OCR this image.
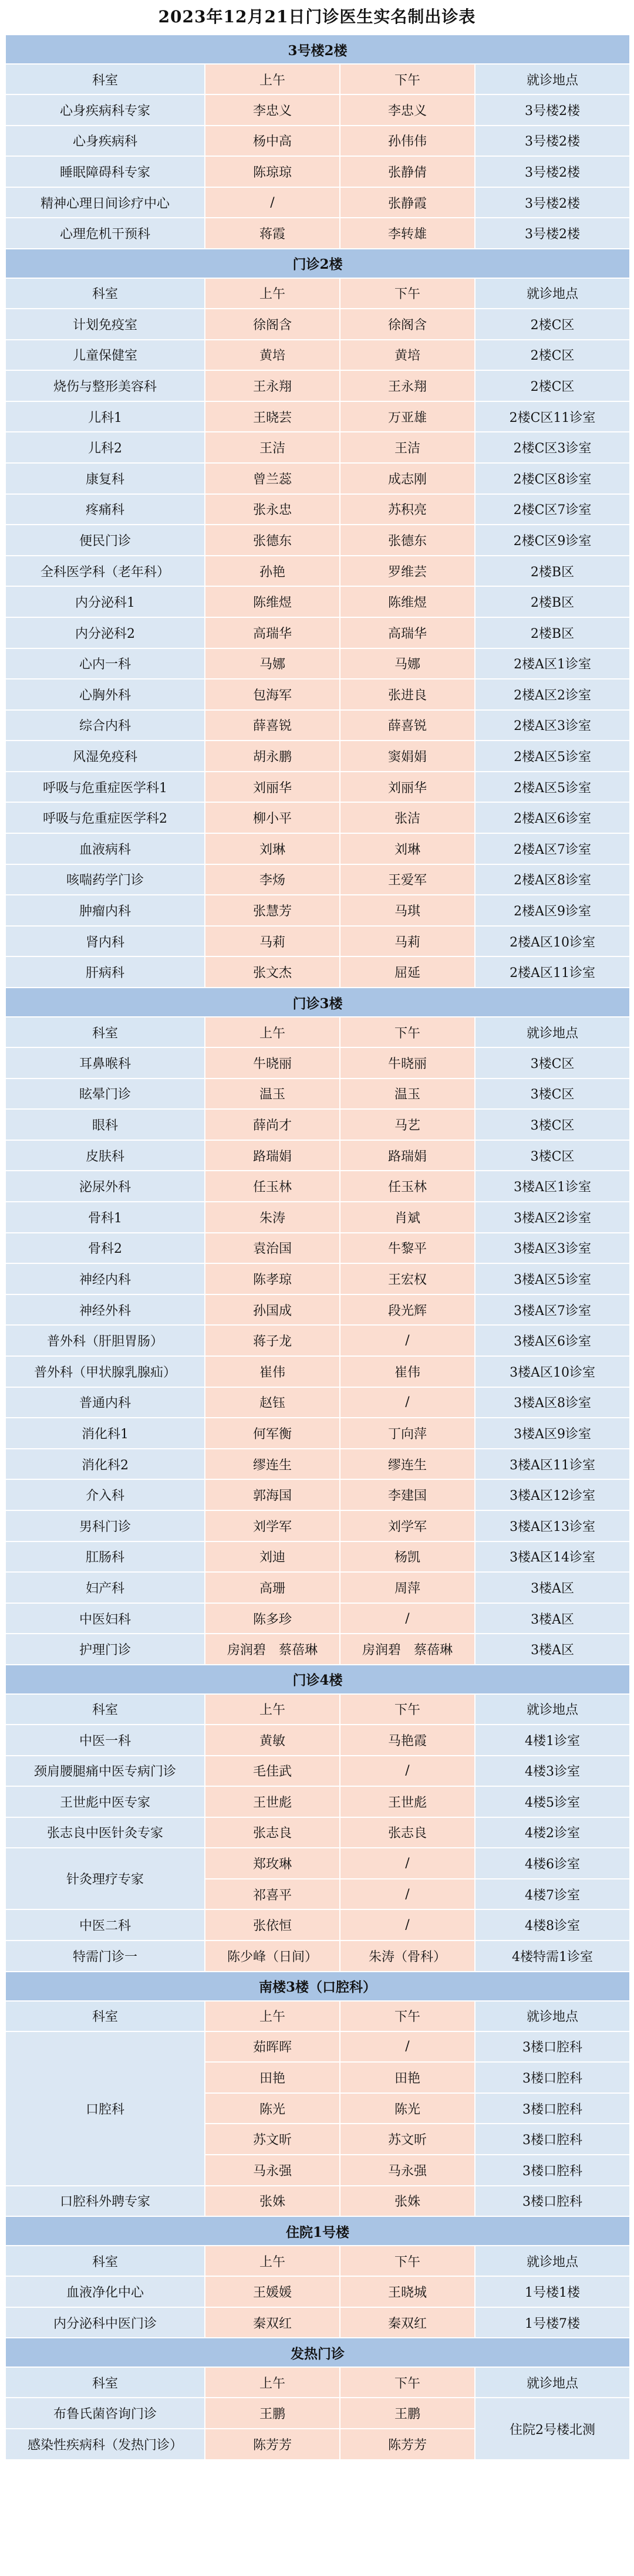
2023年12月21日门诊医生实名制出诊表
3号楼2楼			
科室	上午	下午	就诊地点
心身疾病科专家	李忠义	李忠义	3号楼2楼
心身疾病科	杨中高	孙伟伟	3号楼2楼
睡眠障碍科专家	陈琼琼	张静倩	3号楼2楼
精神心理日间诊疗中心	/	张静霞	3号楼2楼
心理危机干预科	蒋霞	李转雄	3号楼2楼
门诊2楼			
科室	上午	下午	就诊地点
计划免疫室	徐阁含	徐阁含	2楼C区
儿童保健室	黄培	黄培	2楼C区
烧伤与整形美容科	王永翔	王永翔	2楼C区
儿科1	王晓芸	万亚雄	2楼C区11诊室
儿科2	王洁	王洁	2楼C区3诊室
康复科	曾兰蕊	成志刚	2楼C区8诊室
疼痛科	张永忠	苏积亮	2楼C区7诊室
便民门诊	张德东	张德东	2楼C区9诊室
全科医学科（老年科）	孙艳	罗维芸	2楼B区
内分泌科1	陈维煜	陈维煜	2楼B区
内分泌科2	高瑞华	高瑞华	2楼B区
心内一科	马娜	马娜	2楼A区1诊室
心胸外科	包海军	张进良	2楼A区2诊室
综合内科	薛喜锐	薛喜锐	2楼A区3诊室
风湿免疫科	胡永鹏	窦娟娟	2楼A区5诊室
呼吸与危重症医学科1	刘丽华	刘丽华	2楼A区5诊室
呼吸与危重症医学科2	柳小平	张洁	2楼A区6诊室
血液病科	刘琳	刘琳	2楼A区7诊室
咳喘药学门诊	李炀	王爱军	2楼A区8诊室
肿瘤内科	张慧芳	马琪	2楼A区9诊室
肾内科	马莉	马莉	2楼A区10诊室
肝病科	张文杰	屈延	2楼A区11诊室
门诊3楼			
科室	上午	下午	就诊地点
耳鼻喉科	牛晓丽	牛晓丽	3楼C区
眩晕门诊	温玉	温玉	3楼C区
眼科	薛尚才	马艺	3楼C区
皮肤科	路瑞娟	路瑞娟	3楼C区
泌尿外科	任玉林	任玉林	3楼A区1诊室
骨科1	朱涛	肖斌	3楼A区2诊室
骨科2	袁治国	牛黎平	3楼A区3诊室
神经内科	陈孝琼	王宏权	3楼A区5诊室
神经外科	孙国成	段光辉	3楼A区7诊室
普外科（肝胆胃肠）	蒋子龙	/	3楼A区6诊室
普外科（甲状腺乳腺疝）	崔伟	崔伟	3楼A区10诊室
普通内科	赵钰	/	3楼A区8诊室
消化科1	何军衡	丁向萍	3楼A区9诊室
消化科2	缪连生	缪连生	3楼A区11诊室
介入科	郭海国	李建国	3楼A区12诊室
男科门诊	刘学军	刘学军	3楼A区13诊室
肛肠科	刘迪	杨凯	3楼A区14诊室
妇产科	高珊	周萍	3楼A区
中医妇科	陈多珍	/	3楼A区
护理门诊	房润碧　蔡蓓琳	房润碧　蔡蓓琳	3楼A区
门诊4楼			
科室	上午	下午	就诊地点
中医一科	黄敏	马艳霞	4楼1诊室
颈肩腰腿痛中医专病门诊	毛佳武	/	4楼3诊室
王世彪中医专家	王世彪	王世彪	4楼5诊室
张志良中医针灸专家	张志良	张志良	4楼2诊室
针灸理疗专家	郑玫琳	/	4楼6诊室
	祁喜平	/	4楼7诊室
中医二科	张依恒	/	4楼8诊室
特需门诊一	陈少峰（日间）	朱涛（骨科）	4楼特需1诊室
南楼3楼（口腔科）			
科室	上午	下午	就诊地点
口腔科	茹晖晖	/	3楼口腔科
	田艳	田艳	3楼口腔科
	陈光	陈光	3楼口腔科
	苏文昕	苏文昕	3楼口腔科
	马永强	马永强	3楼口腔科
口腔科外聘专家	张姝	张姝	3楼口腔科
住院1号楼			
科室	上午	下午	就诊地点
血液净化中心	王媛媛	王晓城	1号楼1楼
内分泌科中医门诊	秦双红	秦双红	1号楼7楼
发热门诊			
科室	上午	下午	就诊地点
布鲁氏菌咨询门诊	王鹏	王鹏	住院2号楼北测
感染性疾病科（发热门诊）	陈芳芳	陈芳芳	
